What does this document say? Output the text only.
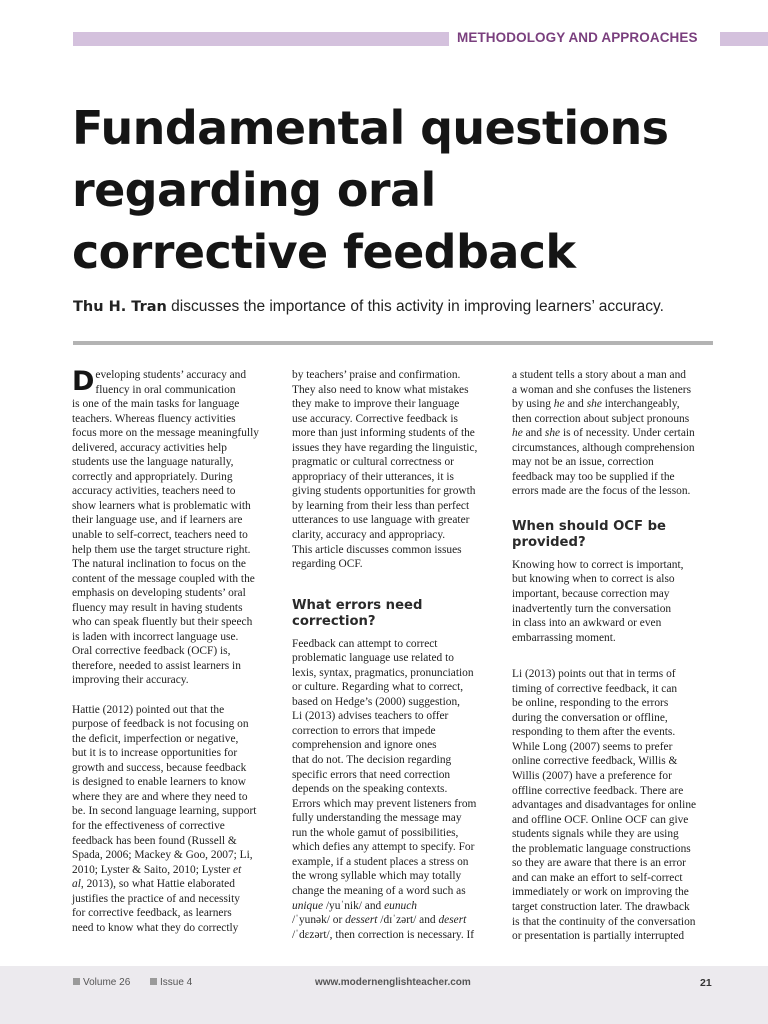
METHODOLOGY AND APPROACHES
Fundamental questions
regarding oral
corrective feedback

Thu H. Tran discusses the importance of this activity in improving learners’ accuracy.

D eveloping students’ accuracy and
fluency in oral communication
is one of the main tasks for language
teachers. Whereas fluency activities
focus more on the message meaningfully
delivered, accuracy activities help
students use the language naturally,
correctly and appropriately. During
accuracy activities, teachers need to
show learners what is problematic with
their language use, and if learners are
unable to self-correct, teachers need to
help them use the target structure right.
The natural inclination to focus on the
content of the message coupled with the
emphasis on developing students’ oral
fluency may result in having students
who can speak fluently but their speech
is laden with incorrect language use.
Oral corrective feedback (OCF) is,
therefore, needed to assist learners in
improving their accuracy.
Hattie (2012) pointed out that the
purpose of feedback is not focusing on
the deficit, imperfection or negative,
but it is to increase opportunities for
growth and success, because feedback
is designed to enable learners to know
where they are and where they need to
be. In second language learning, support
for the effectiveness of corrective
feedback has been found (Russell &
Spada, 2006; Mackey & Goo, 2007; Li,
2010; Lyster & Saito, 2010; Lyster et
al, 2013), so what Hattie elaborated
justifies the practice of and necessity
for corrective feedback, as learners
need to know what they do correctly
by teachers’ praise and confirmation.
They also need to know what mistakes
they make to improve their language
use accuracy. Corrective feedback is
more than just informing students of the
issues they have regarding the linguistic,
pragmatic or cultural correctness or
appropriacy of their utterances, it is
giving students opportunities for growth
by learning from their less than perfect
utterances to use language with greater
clarity, accuracy and appropriacy.
This article discusses common issues
regarding OCF.
What errors need
correction?
Feedback can attempt to correct
problematic language use related to
lexis, syntax, pragmatics, pronunciation
or culture. Regarding what to correct,
based on Hedge’s (2000) suggestion,
Li (2013) advises teachers to offer
correction to errors that impede
comprehension and ignore ones
that do not. The decision regarding
specific errors that need correction
depends on the speaking contexts.
Errors which may prevent listeners from
fully understanding the message may
run the whole gamut of possibilities,
which defies any attempt to specify. For
example, if a student places a stress on
the wrong syllable which may totally
change the meaning of a word such as
unique /yuˈnik/ and eunuch
/ˈyunək/ or dessert /dɪˈzərt/ and desert
/ˈdɛzərt/, then correction is necessary. If
a student tells a story about a man and
a woman and she confuses the listeners
by using he and she interchangeably,
then correction about subject pronouns
he and she is of necessity. Under certain
circumstances, although comprehension
may not be an issue, correction
feedback may too be supplied if the
errors made are the focus of the lesson.
When should OCF be
provided?
Knowing how to correct is important,
but knowing when to correct is also
important, because correction may
inadvertently turn the conversation
in class into an awkward or even
embarrassing moment.
Li (2013) points out that in terms of
timing of corrective feedback, it can
be online, responding to the errors
during the conversation or offline,
responding to them after the events.
While Long (2007) seems to prefer
online corrective feedback, Willis &
Willis (2007) have a preference for
offline corrective feedback. There are
advantages and disadvantages for online
and offline OCF. Online OCF can give
students signals while they are using
the problematic language constructions
so they are aware that there is an error
and can make an effort to self-correct
immediately or work on improving the
target construction later. The drawback
is that the continuity of the conversation
or presentation is partially interrupted
Volume 26	Issue 4	www.modernenglishteacher.com	21
